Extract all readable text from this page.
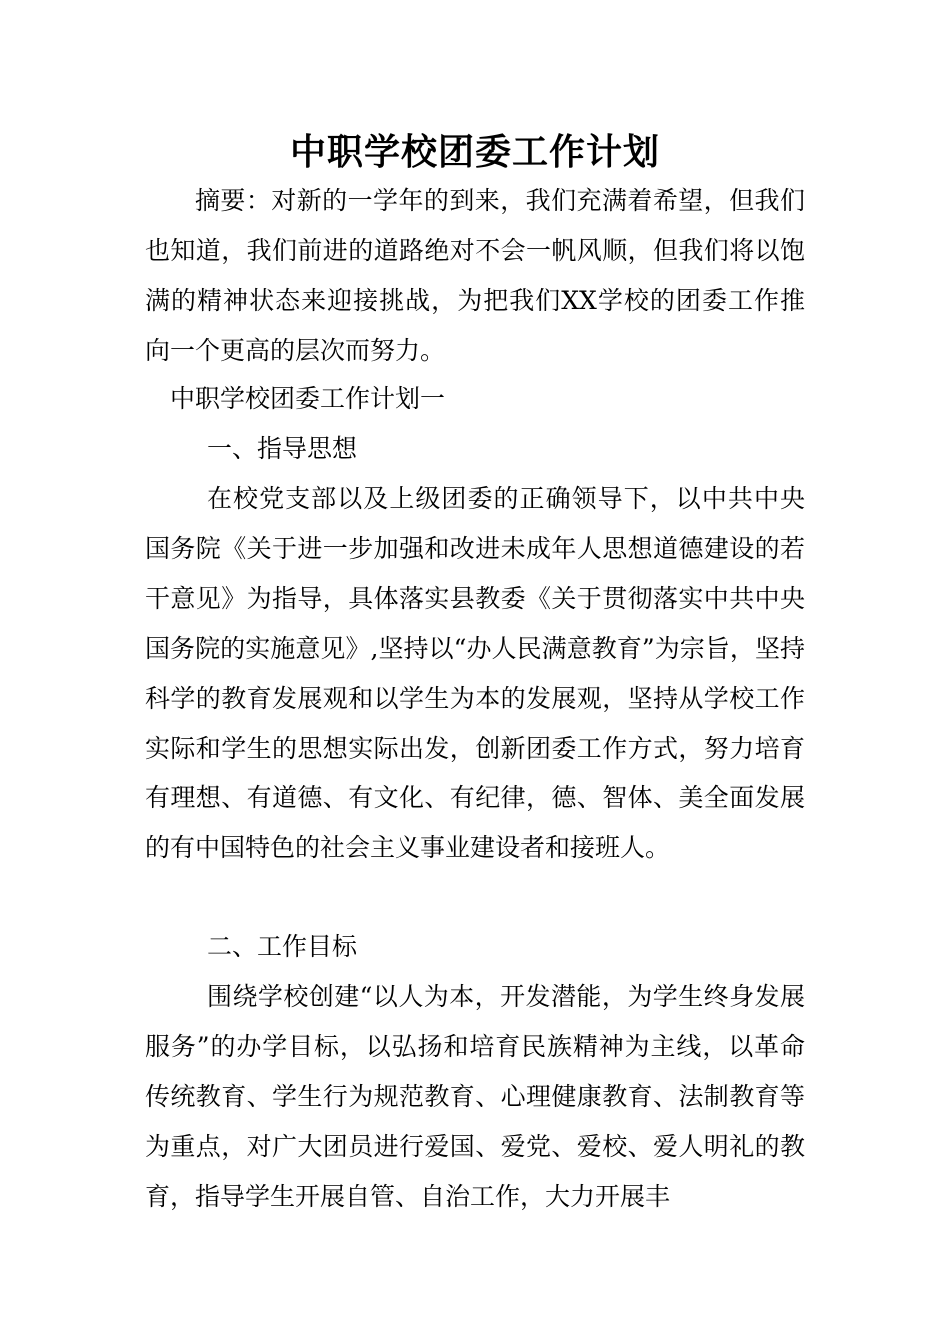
中职学校团委工作计划

摘要：对新的一学年的到来，我们充满着希望，但我们也知道，我们前进的道路绝对不会一帆风顺，但我们将以饱满的精神状态来迎接挑战，为把我们XX学校的团委工作推向一个更高的层次而努力。

中职学校团委工作计划一

一、指导思想

在校党支部以及上级团委的正确领导下，以中共中央国务院《关于进一步加强和改进未成年人思想道德建设的若干意见》为指导，具体落实县教委《关于贯彻落实中共中央国务院的实施意见》,坚持以“办人民满意教育”为宗旨，坚持科学的教育发展观和以学生为本的发展观，坚持从学校工作实际和学生的思想实际出发，创新团委工作方式，努力培育有理想、有道德、有文化、有纪律，德、智体、美全面发展的有中国特色的社会主义事业建设者和接班人。

二、工作目标

围绕学校创建“以人为本，开发潜能，为学生终身发展服务”的办学目标，以弘扬和培育民族精神为主线，以革命传统教育、学生行为规范教育、心理健康教育、法制教育等为重点，对广大团员进行爱国、爱党、爱校、爱人明礼的教育，指导学生开展自管、自治工作，大力开展丰
